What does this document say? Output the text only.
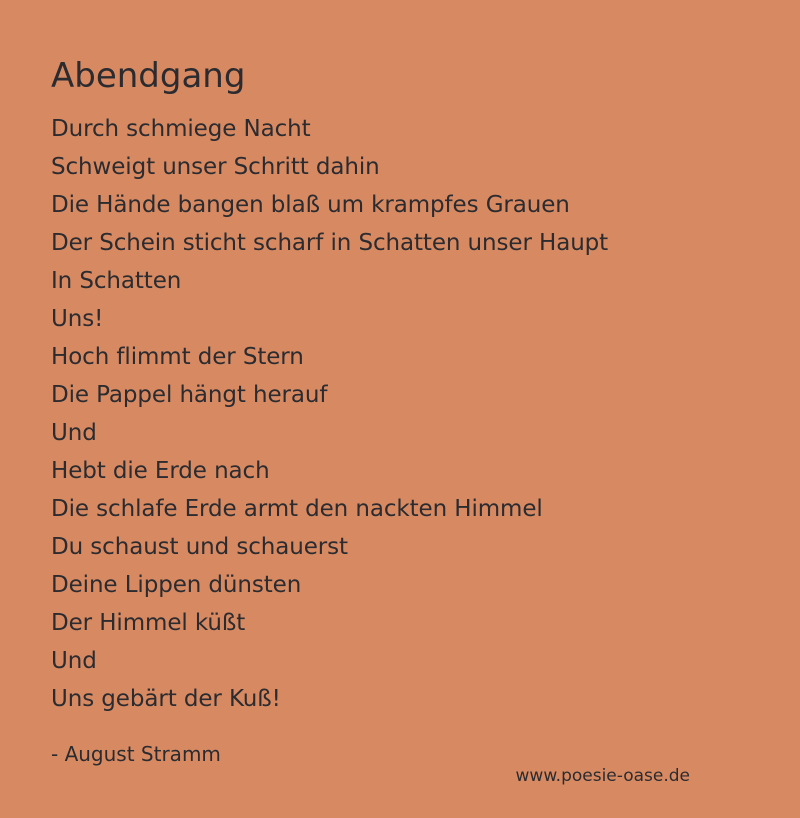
Abendgang
Durch schmiege Nacht
Schweigt unser Schritt dahin
Die Hände bangen blaß um krampfes Grauen
Der Schein sticht scharf in Schatten unser Haupt
In Schatten
Uns!
Hoch flimmt der Stern
Die Pappel hängt herauf
Und
Hebt die Erde nach
Die schlafe Erde armt den nackten Himmel
Du schaust und schauerst
Deine Lippen dünsten
Der Himmel küßt
Und
Uns gebärt der Kuß!
- August Stramm
www.poesie-oase.de
